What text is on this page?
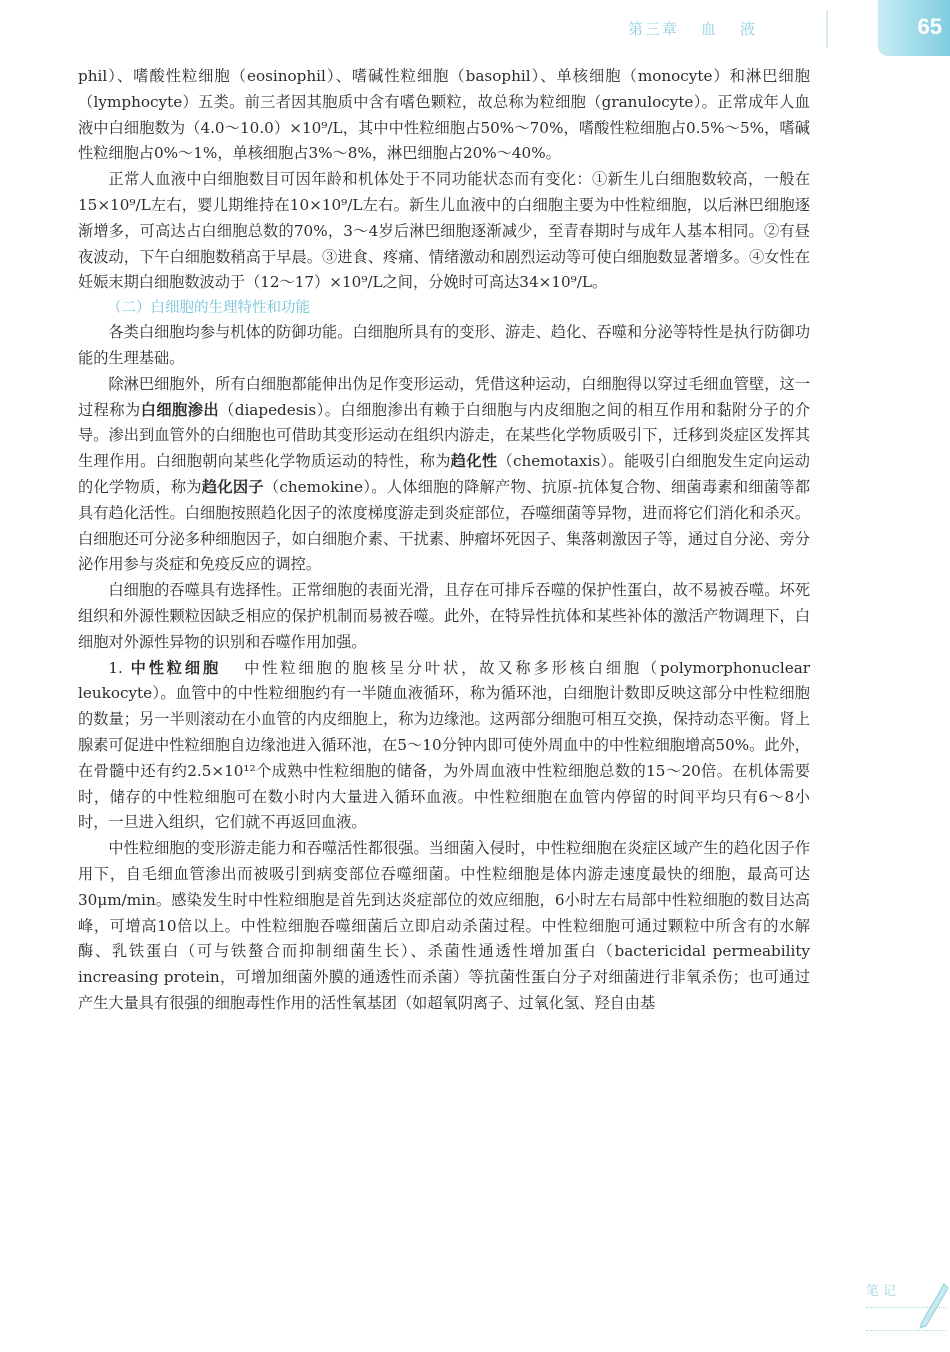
第三章 血 液	65

phil）、嗜酸性粒细胞（eosinophil）、嗜碱性粒细胞（basophil）、单核细胞（monocyte）和淋巴细胞（lymphocyte）五类。前三者因其胞质中含有嗜色颗粒，故总称为粒细胞（granulocyte）。正常成年人血液中白细胞数为（4.0～10.0）×10⁹/L，其中中性粒细胞占50%～70%，嗜酸性粒细胞占0.5%～5%，嗜碱性粒细胞占0%～1%，单核细胞占3%～8%，淋巴细胞占20%～40%。

正常人血液中白细胞数目可因年龄和机体处于不同功能状态而有变化：①新生儿白细胞数较高，一般在15×10⁹/L左右，婴儿期维持在10×10⁹/L左右。新生儿血液中的白细胞主要为中性粒细胞，以后淋巴细胞逐渐增多，可高达占白细胞总数的70%，3～4岁后淋巴细胞逐渐减少，至青春期时与成年人基本相同。②有昼夜波动，下午白细胞数稍高于早晨。③进食、疼痛、情绪激动和剧烈运动等可使白细胞数显著增多。④女性在妊娠末期白细胞数波动于（12～17）×10⁹/L之间，分娩时可高达34×10⁹/L。

（二）白细胞的生理特性和功能

各类白细胞均参与机体的防御功能。白细胞所具有的变形、游走、趋化、吞噬和分泌等特性是执行防御功能的生理基础。

除淋巴细胞外，所有白细胞都能伸出伪足作变形运动，凭借这种运动，白细胞得以穿过毛细血管壁，这一过程称为白细胞渗出（diapedesis）。白细胞渗出有赖于白细胞与内皮细胞之间的相互作用和黏附分子的介导。渗出到血管外的白细胞也可借助其变形运动在组织内游走，在某些化学物质吸引下，迁移到炎症区发挥其生理作用。白细胞朝向某些化学物质运动的特性，称为趋化性（chemotaxis）。能吸引白细胞发生定向运动的化学物质，称为趋化因子（chemokine）。人体细胞的降解产物、抗原-抗体复合物、细菌毒素和细菌等都具有趋化活性。白细胞按照趋化因子的浓度梯度游走到炎症部位，吞噬细菌等异物，进而将它们消化和杀灭。白细胞还可分泌多种细胞因子，如白细胞介素、干扰素、肿瘤坏死因子、集落刺激因子等，通过自分泌、旁分泌作用参与炎症和免疫反应的调控。

白细胞的吞噬具有选择性。正常细胞的表面光滑，且存在可排斥吞噬的保护性蛋白，故不易被吞噬。坏死组织和外源性颗粒因缺乏相应的保护机制而易被吞噬。此外，在特异性抗体和某些补体的激活产物调理下，白细胞对外源性异物的识别和吞噬作用加强。

1. 中性粒细胞 中性粒细胞的胞核呈分叶状，故又称多形核白细胞（polymorphonuclear leukocyte）。血管中的中性粒细胞约有一半随血液循环，称为循环池，白细胞计数即反映这部分中性粒细胞的数量；另一半则滚动在小血管的内皮细胞上，称为边缘池。这两部分细胞可相互交换，保持动态平衡。肾上腺素可促进中性粒细胞自边缘池进入循环池，在5～10分钟内即可使外周血中的中性粒细胞增高50%。此外，在骨髓中还有约2.5×10¹²个成熟中性粒细胞的储备，为外周血液中性粒细胞总数的15～20倍。在机体需要时，储存的中性粒细胞可在数小时内大量进入循环血液。中性粒细胞在血管内停留的时间平均只有6～8小时，一旦进入组织，它们就不再返回血液。

中性粒细胞的变形游走能力和吞噬活性都很强。当细菌入侵时，中性粒细胞在炎症区域产生的趋化因子作用下，自毛细血管渗出而被吸引到病变部位吞噬细菌。中性粒细胞是体内游走速度最快的细胞，最高可达30μm/min。感染发生时中性粒细胞是首先到达炎症部位的效应细胞，6小时左右局部中性粒细胞的数目达高峰，可增高10倍以上。中性粒细胞吞噬细菌后立即启动杀菌过程。中性粒细胞可通过颗粒中所含有的水解酶、乳铁蛋白（可与铁螯合而抑制细菌生长）、杀菌性通透性增加蛋白（bactericidal permeability increasing protein，可增加细菌外膜的通透性而杀菌）等抗菌性蛋白分子对细菌进行非氧杀伤；也可通过产生大量具有很强的细胞毒性作用的活性氧基团（如超氧阴离子、过氧化氢、羟自由基

笔记
